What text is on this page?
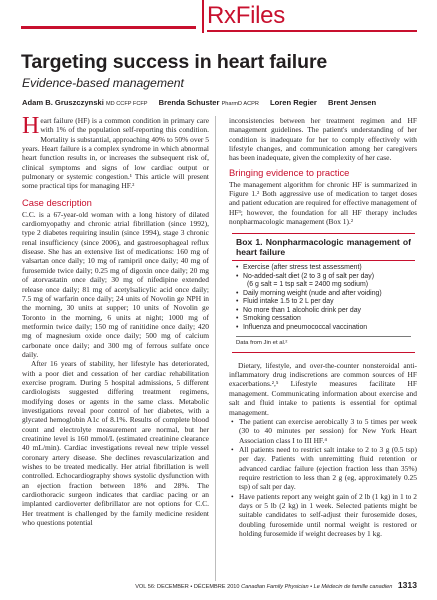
RxFiles
Targeting success in heart failure
Evidence-based management
Adam B. Gruszczynski MD CCFP FCFP Brenda Schuster PharmD ACPR Loren Regier Brent Jensen

Heart failure (HF) is a common condition in primary care with 1% of the population self-reporting this condition. Mortality is substantial, approaching 40% to 50% over 5 years. Heart failure is a complex syndrome in which abnormal heart function results in, or increases the subsequent risk of, clinical symptoms and signs of low cardiac output or pulmonary or systemic congestion.¹ This article will present some practical tips for managing HF.²

Case description

C.C. is a 67-year-old woman with a long history of dilated cardiomyopathy and chronic atrial fibrillation (since 1992), type 2 diabetes requiring insulin (since 1994), stage 3 chronic renal insufficiency (since 2006), and gastroesophageal reflux disease. She has an extensive list of medications: 160 mg of valsartan once daily; 10 mg of ramipril once daily; 40 mg of furosemide twice daily; 0.25 mg of digoxin once daily; 20 mg of atorvastatin once daily; 30 mg of nifedipine extended release once daily; 81 mg of acetylsalicylic acid once daily; 7.5 mg of warfarin once daily; 24 units of Novolin ge NPH in the morning, 30 units at supper; 10 units of Novolin ge Toronto in the morning, 6 units at night; 1000 mg of metformin twice daily; 150 mg of ranitidine once daily; 420 mg of magnesium oxide once daily; 500 mg of calcium carbonate once daily; and 300 mg of ferrous sulfate once daily.

After 16 years of stability, her lifestyle has deteriorated, with a poor diet and cessation of her cardiac rehabilitation exercise program. During 5 hospital admissions, 5 different cardiologists suggested differing treatment regimens, modifying doses or agents in the same class. Metabolic investigations reveal poor control of her diabetes, with a glycated hemoglobin A1c of 8.1%. Results of complete blood count and electrolyte measurement are normal, but her creatinine level is 160 mmol/L (estimated creatinine clearance 40 mL/min). Cardiac investigations reveal new triple vessel coronary artery disease. She declines revascularization and wishes to be treated medically. Her atrial fibrillation is well controlled. Echocardiography shows systolic dysfunction with an ejection fraction between 18% and 28%. The cardiothoracic surgeon indicates that cardiac pacing or an implanted cardioverter defibrillator are not options for C.C. Her treatment is challenged by the family medicine resident who questions potential

inconsistencies between her treatment regimen and HF management guidelines. The patient's understanding of her condition is inadequate for her to comply effectively with lifestyle changes, and communication among her caregivers has been inadequate, given the complexity of her case.

Bringing evidence to practice

The management algorithm for chronic HF is summarized in Figure 1.² Both aggressive use of medication to target doses and patient education are required for effective management of HF³; however, the foundation for all HF therapy includes nonpharmacologic management (Box 1).²

Box 1. Nonpharmacologic management of heart failure
• Exercise (after stress test assessment)
• No-added-salt diet (2 to 3 g of salt per day)
(6 g salt = 1 tsp salt = 2400 mg sodium)
• Daily morning weight (nude and after voiding)
• Fluid intake 1.5 to 2 L per day
• No more than 1 alcoholic drink per day
• Smoking cessation
• Influenza and pneumococcal vaccination
Data from Jin et al.²

Dietary, lifestyle, and over-the-counter nonsteroidal anti-inflammatory drug indiscretions are common sources of HF exacerbations.²,⁵ Lifestyle measures facilitate HF management. Communicating information about exercise and salt and fluid intake to patients is essential for optimal management.

• The patient can exercise aerobically 3 to 5 times per week (30 to 40 minutes per session) for New York Heart Association class I to III HF.⁴
• All patients need to restrict salt intake to 2 to 3 g (0.5 tsp) per day. Patients with unremitting fluid retention or advanced cardiac failure (ejection fraction less than 35%) require restriction to less than 2 g (eg, approximately 0.25 tsp) of salt per day.
• Have patients report any weight gain of 2 lb (1 kg) in 1 to 2 days or 5 lb (2 kg) in 1 week. Selected patients might be suitable candidates to self-adjust their furosemide doses, doubling furosemide until normal weight is restored or holding furosemide if weight decreases by 1 kg.
VOL 56: DECEMBER • DÉCEMBRE 2010 Canadian Family Physician • Le Médecin de famille canadien 1313
